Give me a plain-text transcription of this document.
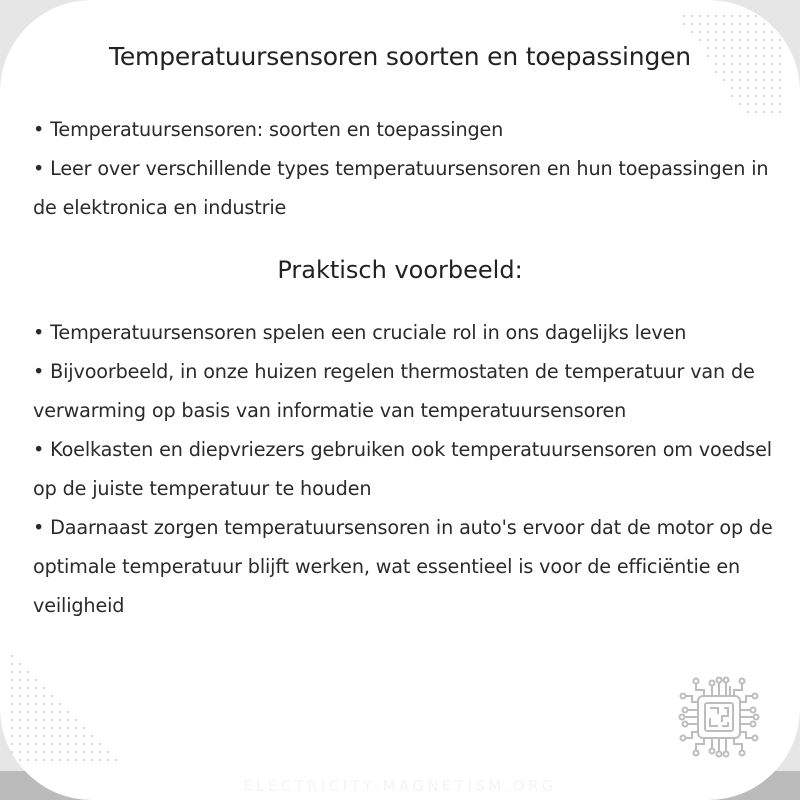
Temperatuursensoren soorten en toepassingen

• Temperatuursensoren: soorten en toepassingen

• Leer over verschillende types temperatuursensoren en hun toepassingen in de elektronica en industrie

Praktisch voorbeeld:

• Temperatuursensoren spelen een cruciale rol in ons dagelijks leven

• Bijvoorbeeld, in onze huizen regelen thermostaten de temperatuur van de verwarming op basis van informatie van temperatuursensoren

• Koelkasten en diepvriezers gebruiken ook temperatuursensoren om voedsel op de juiste temperatuur te houden

• Daarnaast zorgen temperatuursensoren in auto's ervoor dat de motor op de optimale temperatuur blijft werken, wat essentieel is voor de efficiëntie en veiligheid

ELECTRICITY-MAGNETISM.ORG
